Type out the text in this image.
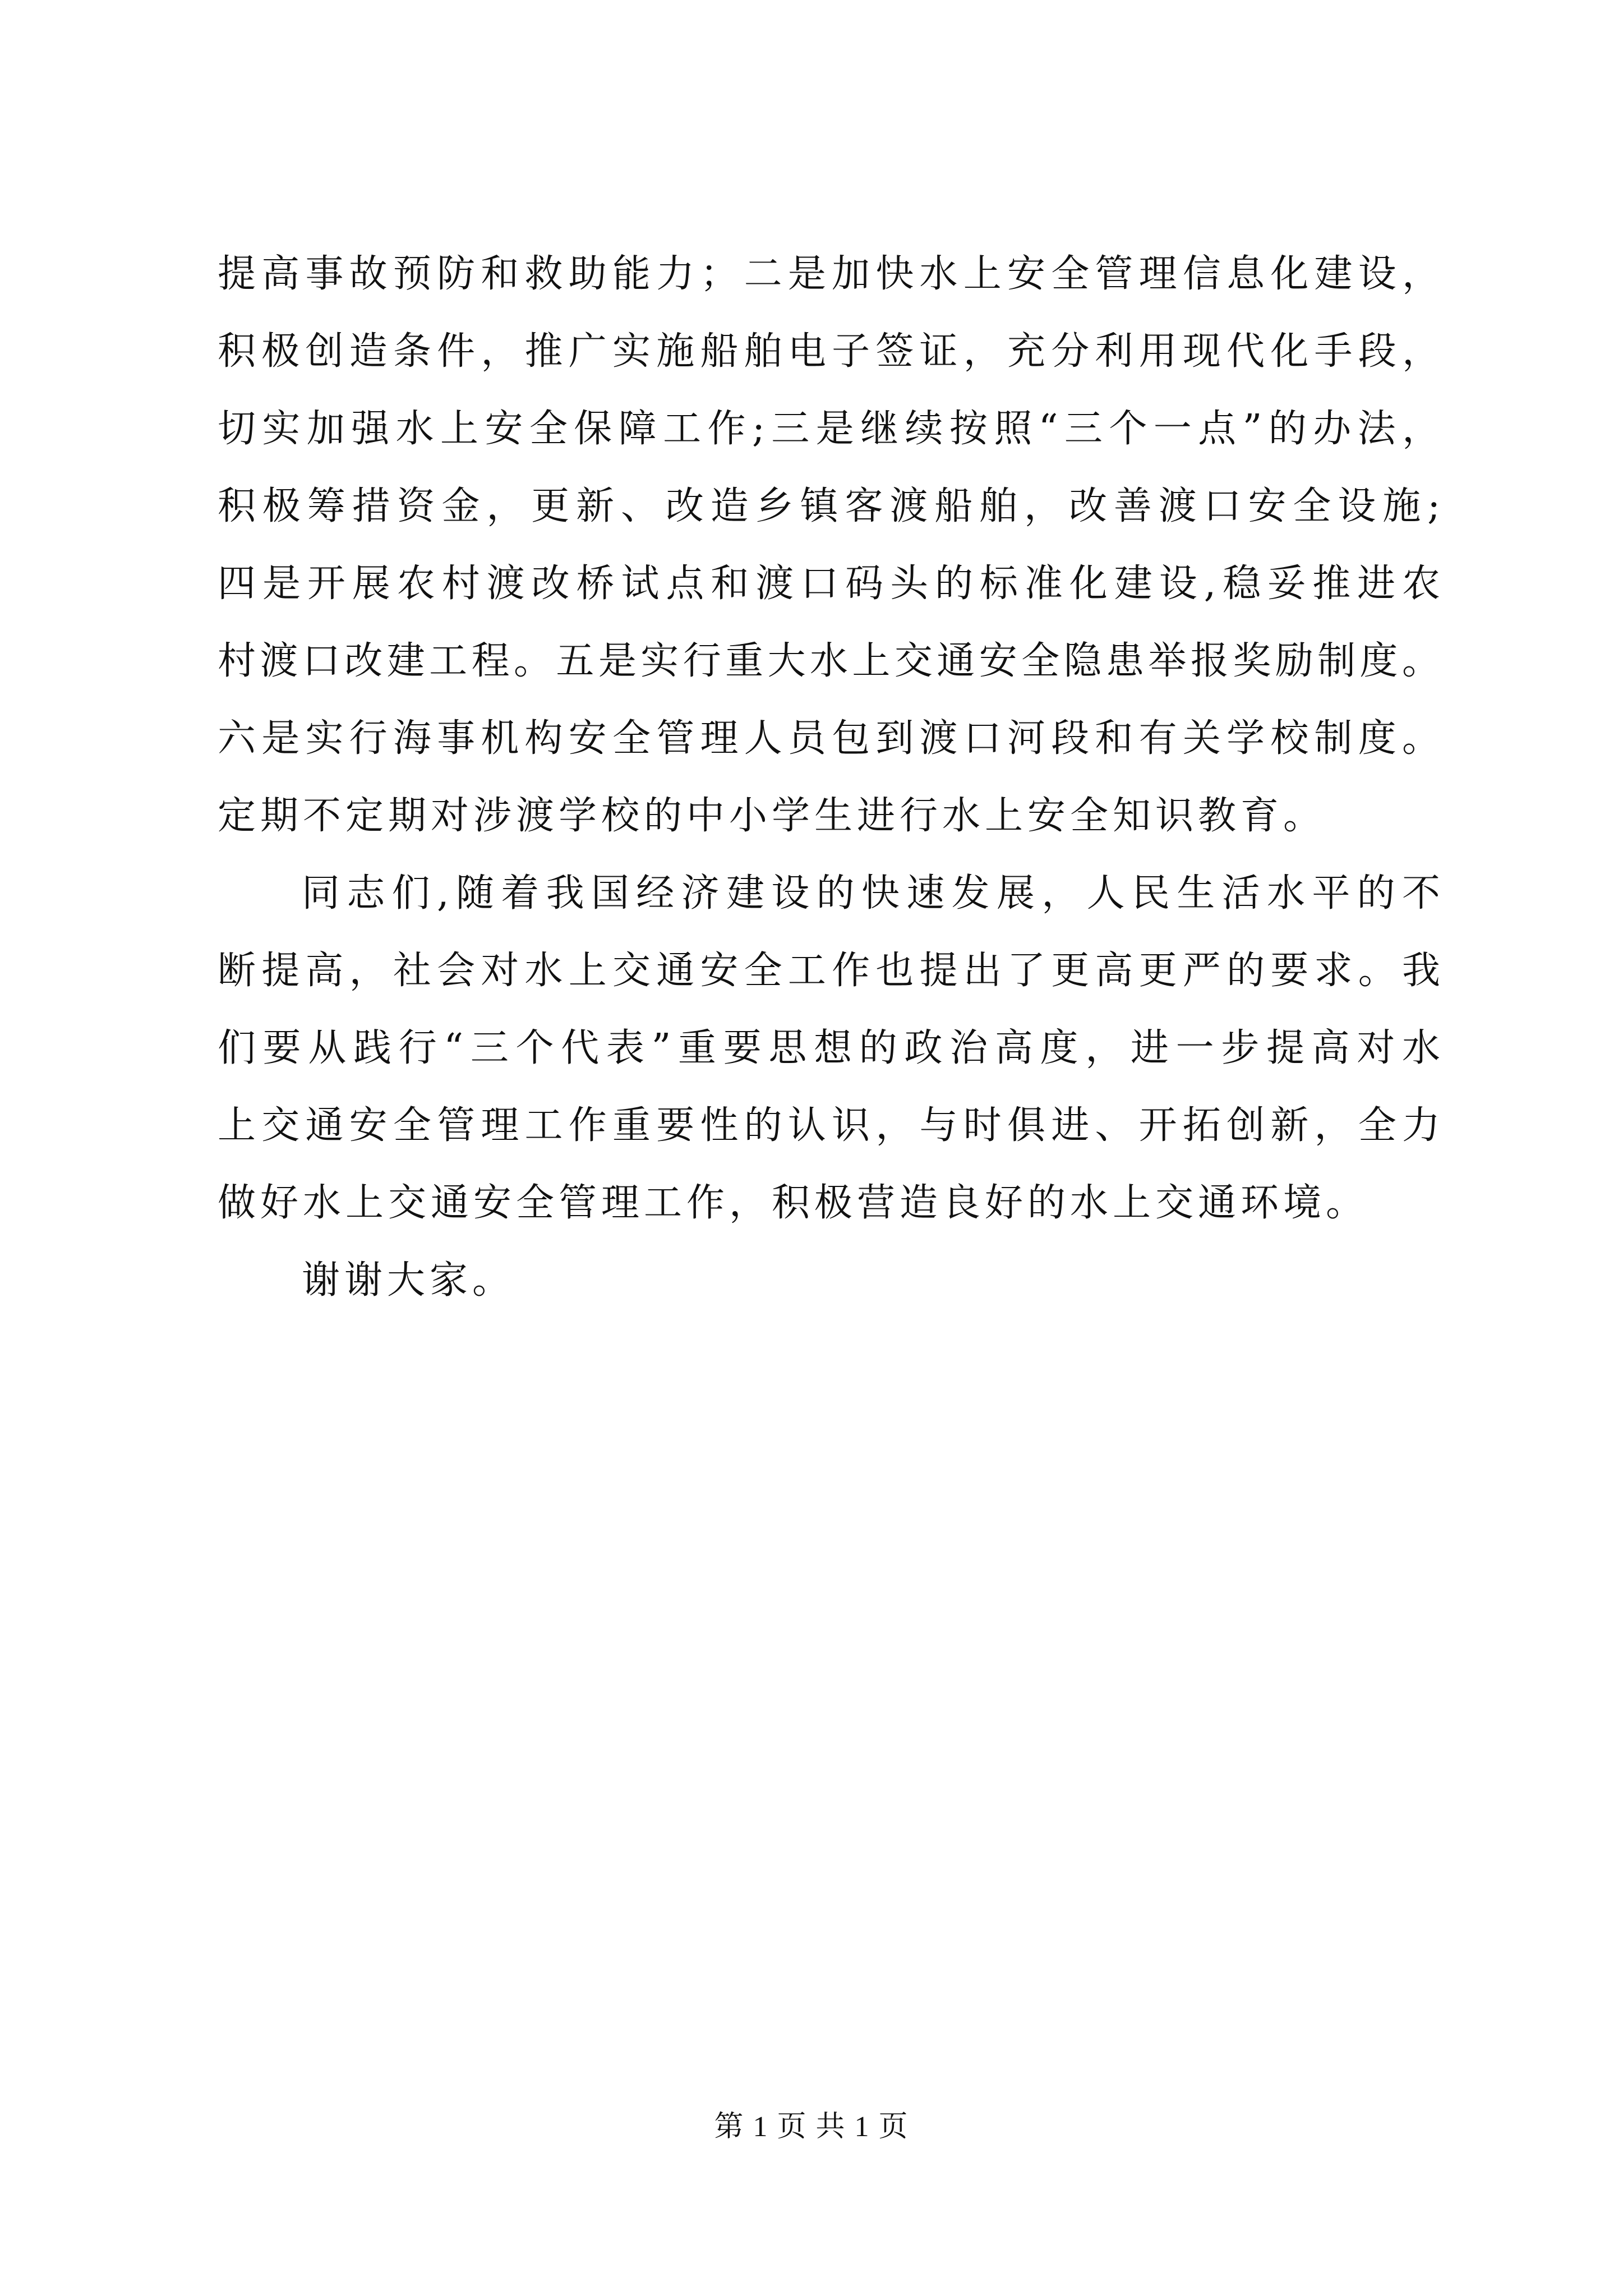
提高事故预防和救助能力；二是加快水上安全管理信息化建设，
积极创造条件，推广实施船舶电子签证，充分利用现代化手段，
切实加强水上安全保障工作;三是继续按照“三个一点”的办法，
积极筹措资金，更新、改造乡镇客渡船舶，改善渡口安全设施;
四是开展农村渡改桥试点和渡口码头的标准化建设,稳妥推进农
村渡口改建工程。五是实行重大水上交通安全隐患举报奖励制度。
六是实行海事机构安全管理人员包到渡口河段和有关学校制度。
定期不定期对涉渡学校的中小学生进行水上安全知识教育。
同志们,随着我国经济建设的快速发展，人民生活水平的不
断提高，社会对水上交通安全工作也提出了更高更严的要求。我
们要从践行“三个代表”重要思想的政治高度，进一步提高对水
上交通安全管理工作重要性的认识，与时俱进、开拓创新，全力
做好水上交通安全管理工作，积极营造良好的水上交通环境。
谢谢大家。
第 1 页 共 1 页
